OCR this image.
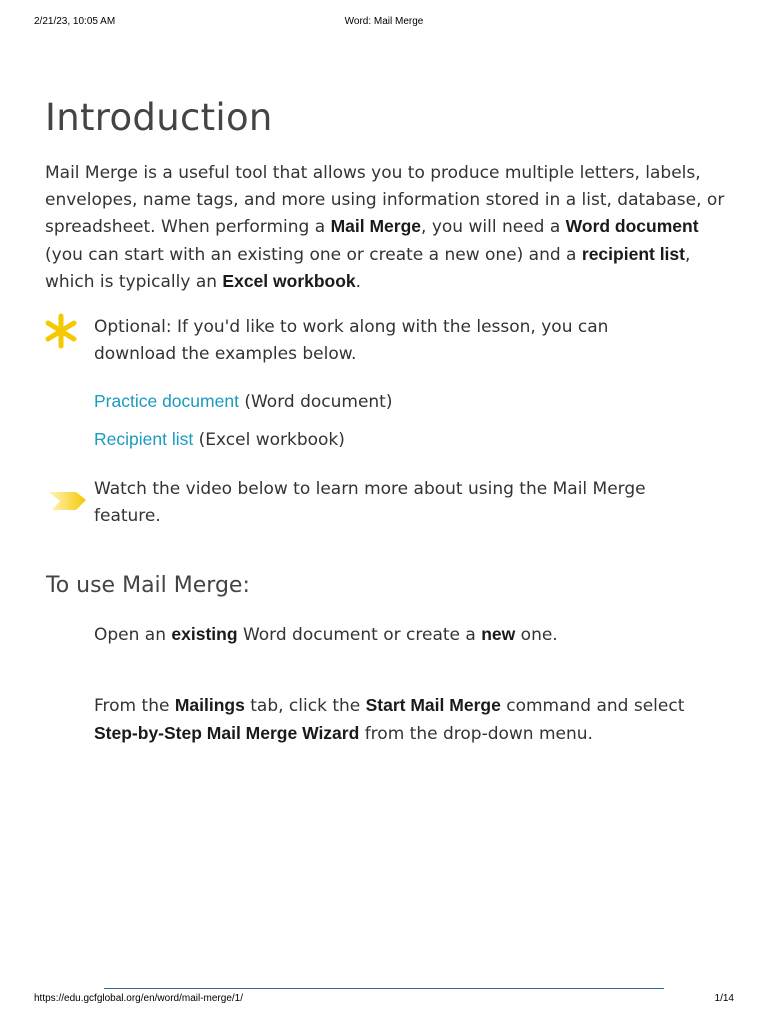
2/21/23, 10:05 AM	Word: Mail Merge
Introduction

Mail Merge is a useful tool that allows you to produce multiple letters, labels, envelopes, name tags, and more using information stored in a list, database, or spreadsheet. When performing a Mail Merge, you will need a Word document (you can start with an existing one or create a new one) and a recipient list, which is typically an Excel workbook.

Optional: If you'd like to work along with the lesson, you can download the examples below.

Practice document (Word document)

Recipient list (Excel workbook)

Watch the video below to learn more about using the Mail Merge feature.

To use Mail Merge:

Open an existing Word document or create a new one.

From the Mailings tab, click the Start Mail Merge command and select Step-by-Step Mail Merge Wizard from the drop-down menu.

https://edu.gcfglobal.org/en/word/mail-merge/1/	1/14
